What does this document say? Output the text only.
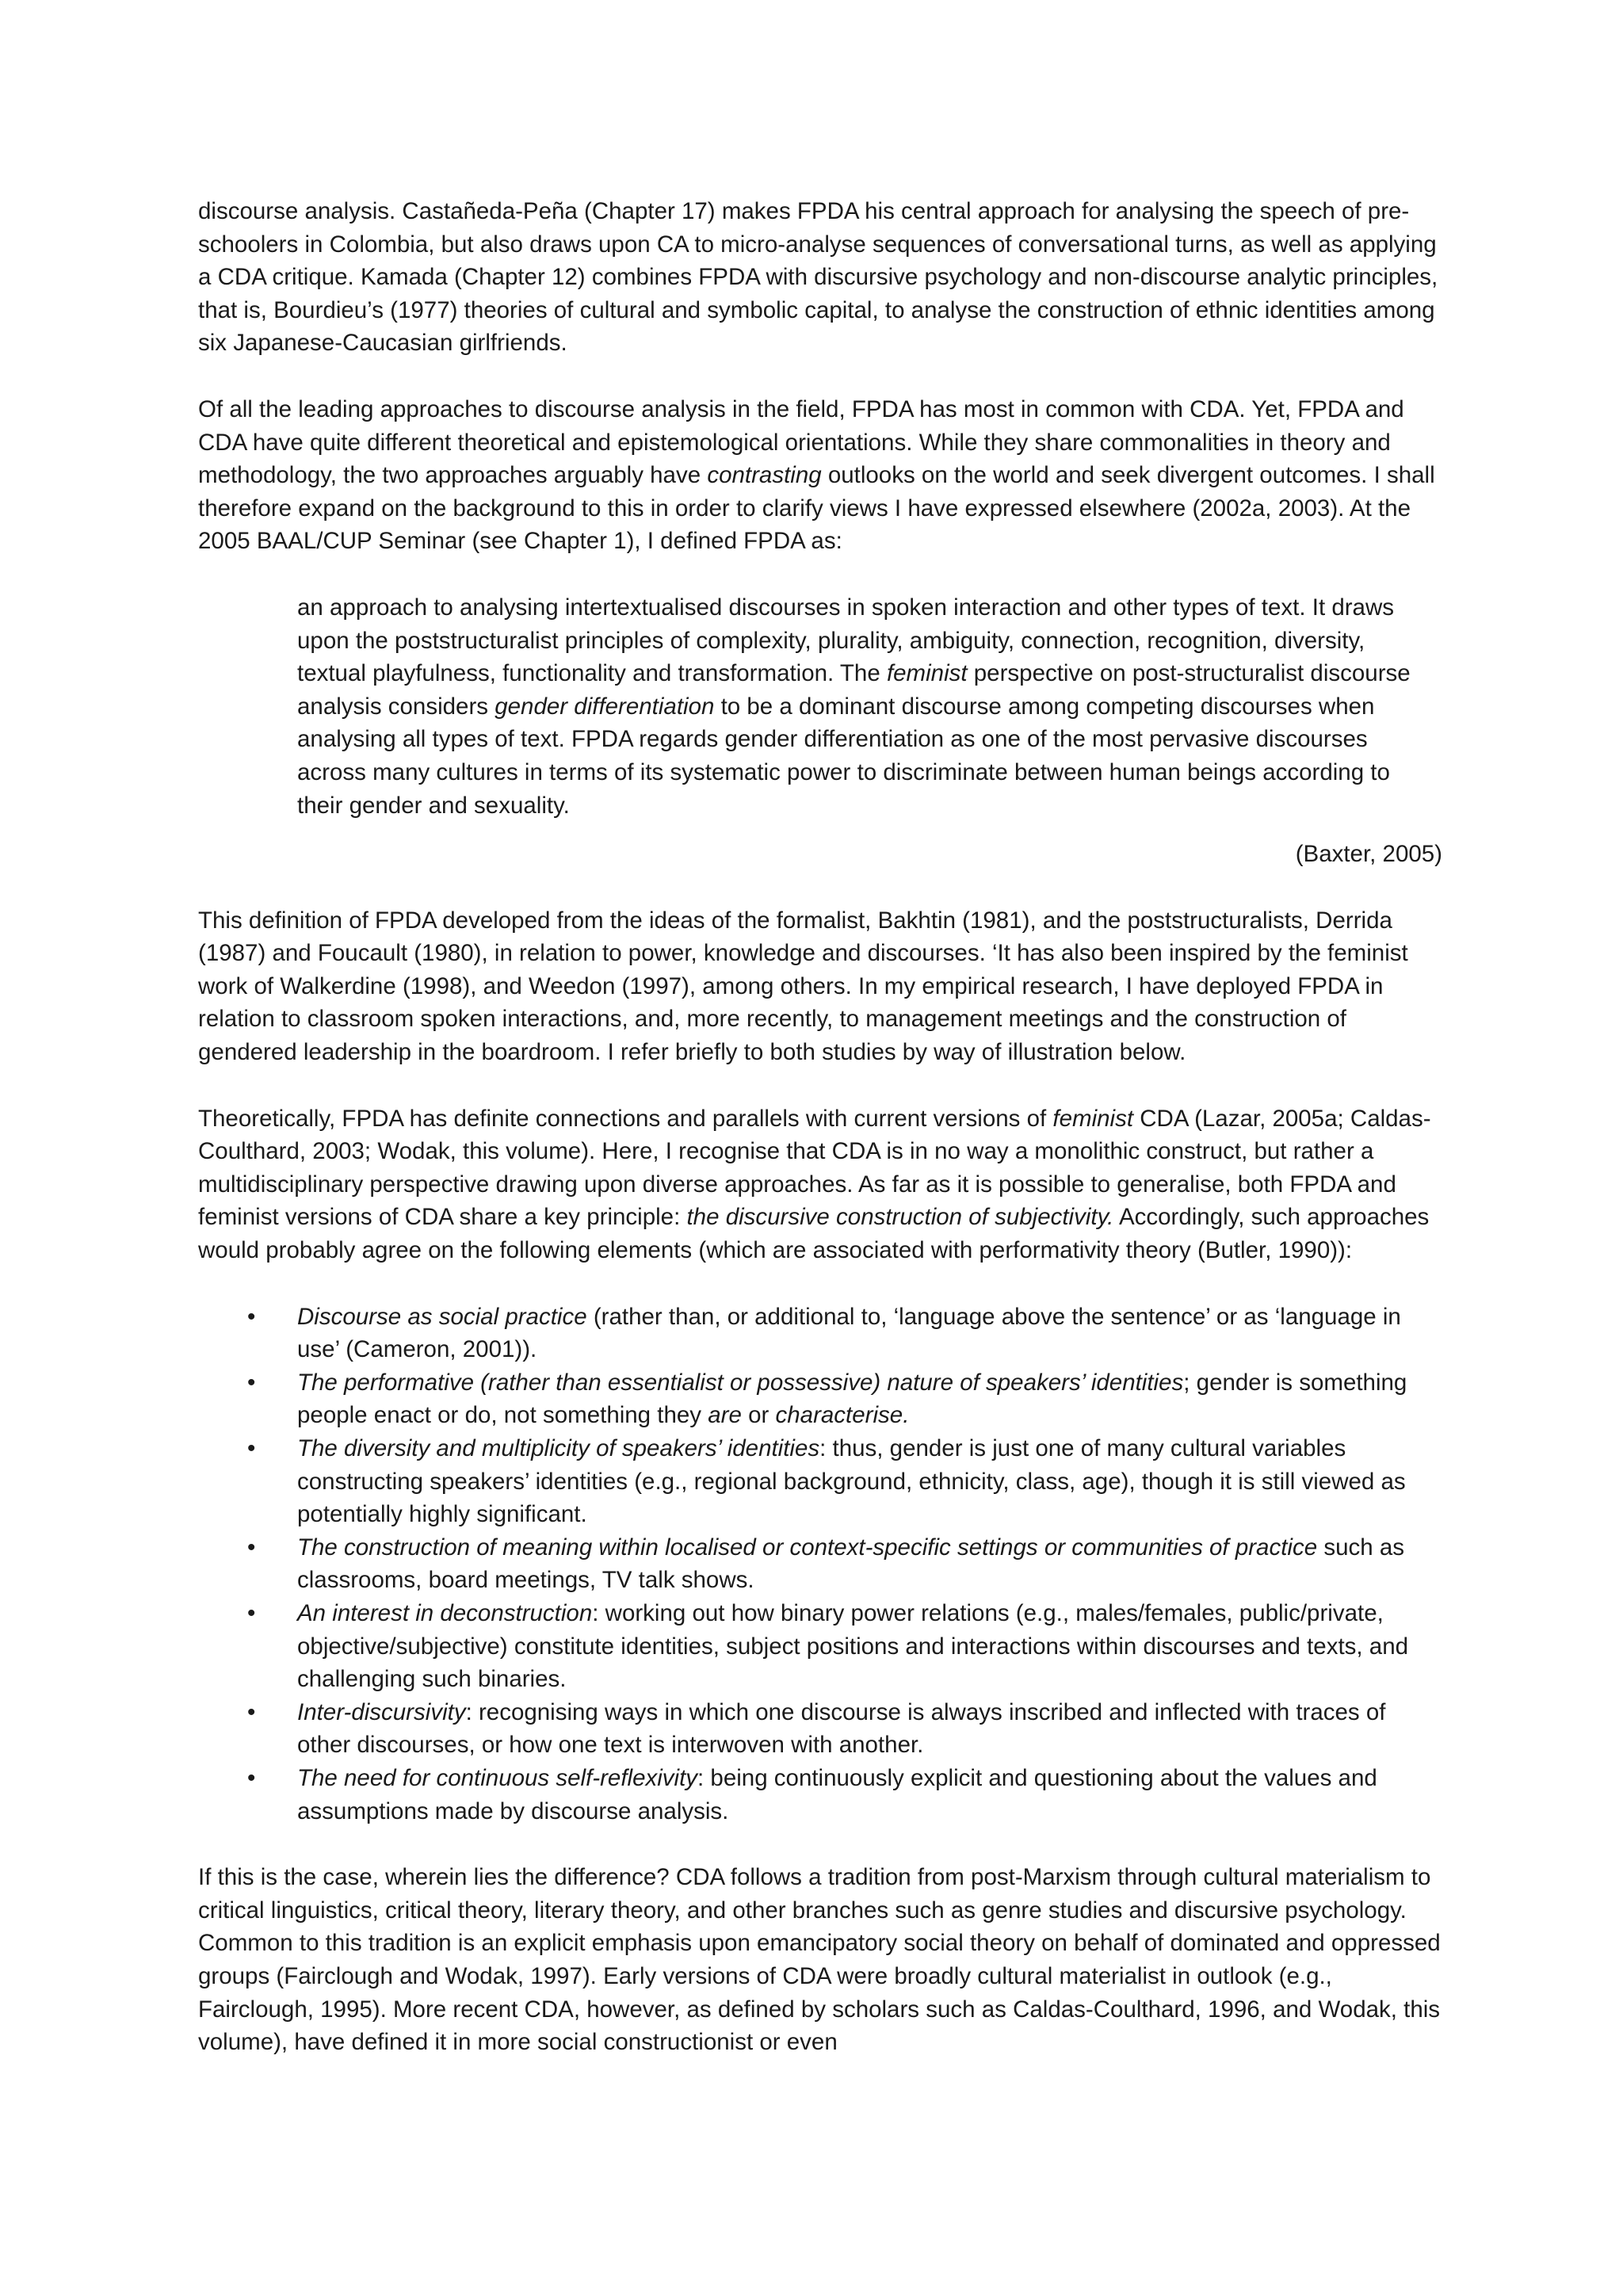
discourse analysis. Castañeda-Peña (Chapter 17) makes FPDA his central approach for analysing the speech of pre-schoolers in Colombia, but also draws upon CA to micro-analyse sequences of conversational turns, as well as applying a CDA critique. Kamada (Chapter 12) combines FPDA with discursive psychology and non-discourse analytic principles, that is, Bourdieu’s (1977) theories of cultural and symbolic capital, to analyse the construction of ethnic identities among six Japanese-Caucasian girlfriends.

Of all the leading approaches to discourse analysis in the field, FPDA has most in common with CDA. Yet, FPDA and CDA have quite different theoretical and epistemological orientations. While they share commonalities in theory and methodology, the two approaches arguably have contrasting outlooks on the world and seek divergent outcomes. I shall therefore expand on the background to this in order to clarify views I have expressed elsewhere (2002a, 2003). At the 2005 BAAL/CUP Seminar (see Chapter 1), I defined FPDA as:

an approach to analysing intertextualised discourses in spoken interaction and other types of text. It draws upon the poststructuralist principles of complexity, plurality, ambiguity, connection, recognition, diversity, textual playfulness, functionality and transformation. The feminist perspective on post-structuralist discourse analysis considers gender differentiation to be a dominant discourse among competing discourses when analysing all types of text. FPDA regards gender differentiation as one of the most pervasive discourses across many cultures in terms of its systematic power to discriminate between human beings according to their gender and sexuality.

(Baxter, 2005)

This definition of FPDA developed from the ideas of the formalist, Bakhtin (1981), and the poststructuralists, Derrida (1987) and Foucault (1980), in relation to power, knowledge and discourses. ‘It has also been inspired by the feminist work of Walkerdine (1998), and Weedon (1997), among others. In my empirical research, I have deployed FPDA in relation to classroom spoken interactions, and, more recently, to management meetings and the construction of gendered leadership in the boardroom. I refer briefly to both studies by way of illustration below.

Theoretically, FPDA has definite connections and parallels with current versions of feminist CDA (Lazar, 2005a; Caldas-Coulthard, 2003; Wodak, this volume). Here, I recognise that CDA is in no way a monolithic construct, but rather a multidisciplinary perspective drawing upon diverse approaches. As far as it is possible to generalise, both FPDA and feminist versions of CDA share a key principle: the discursive construction of subjectivity. Accordingly, such approaches would probably agree on the following elements (which are associated with performativity theory (Butler, 1990)):

• Discourse as social practice (rather than, or additional to, ‘language above the sentence’ or as ‘language in use’ (Cameron, 2001)).
• The performative (rather than essentialist or possessive) nature of speakers’ identities; gender is something people enact or do, not something they are or characterise.
• The diversity and multiplicity of speakers’ identities: thus, gender is just one of many cultural variables constructing speakers’ identities (e.g., regional background, ethnicity, class, age), though it is still viewed as potentially highly significant.
• The construction of meaning within localised or context-specific settings or communities of practice such as classrooms, board meetings, TV talk shows.
• An interest in deconstruction: working out how binary power relations (e.g., males/females, public/private, objective/subjective) constitute identities, subject positions and interactions within discourses and texts, and challenging such binaries.
• Inter-discursivity: recognising ways in which one discourse is always inscribed and inflected with traces of other discourses, or how one text is interwoven with another.
• The need for continuous self-reflexivity: being continuously explicit and questioning about the values and assumptions made by discourse analysis.

If this is the case, wherein lies the difference? CDA follows a tradition from post-Marxism through cultural materialism to critical linguistics, critical theory, literary theory, and other branches such as genre studies and discursive psychology. Common to this tradition is an explicit emphasis upon emancipatory social theory on behalf of dominated and oppressed groups (Fairclough and Wodak, 1997). Early versions of CDA were broadly cultural materialist in outlook (e.g., Fairclough, 1995). More recent CDA, however, as defined by scholars such as Caldas-Coulthard, 1996, and Wodak, this volume), have defined it in more social constructionist or even
